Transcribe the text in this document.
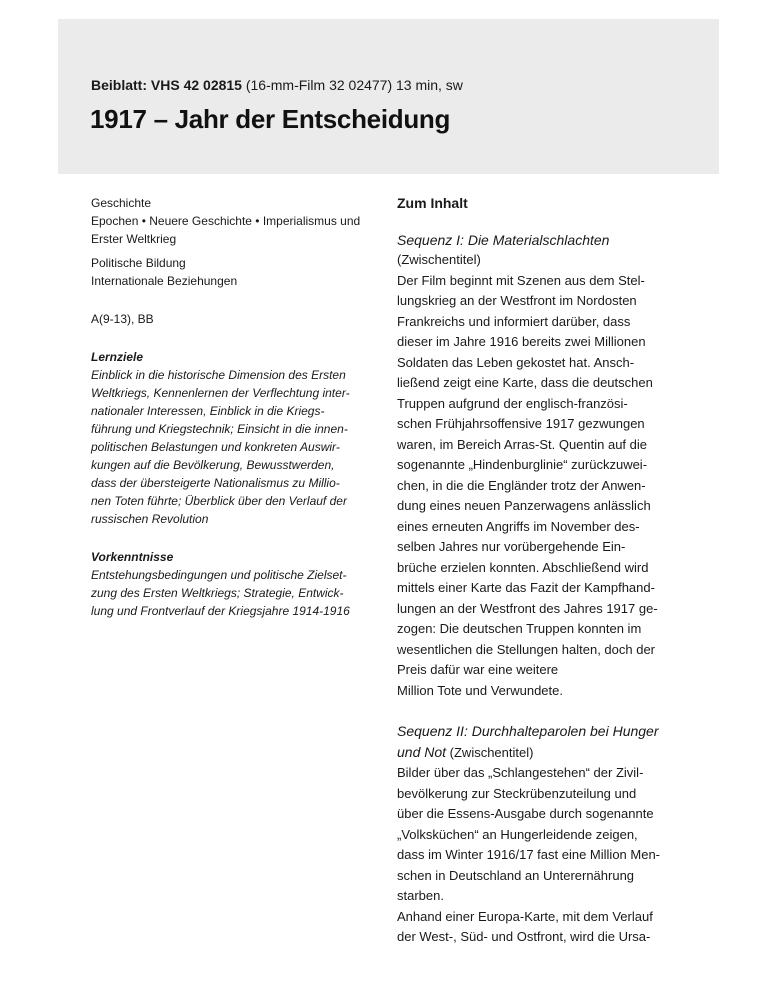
Beiblatt: VHS 42 02815 (16-mm-Film 32 02477) 13 min, sw
1917 – Jahr der Entscheidung
Geschichte
Epochen • Neuere Geschichte • Imperialismus und
Erster Weltkrieg
Politische Bildung
Internationale Beziehungen
A(9-13), BB
Lernziele
Einblick in die historische Dimension des Ersten
Weltkriegs, Kennenlernen der Verflechtung inter-
nationaler Interessen, Einblick in die Kriegs-
führung und Kriegstechnik; Einsicht in die innen-
politischen Belastungen und konkreten Auswir-
kungen auf die Bevölkerung, Bewusstwerden,
dass der übersteigerte Nationalismus zu Millio-
nen Toten führte; Überblick über den Verlauf der
russischen Revolution
Vorkenntnisse
Entstehungsbedingungen und politische Zielset-
zung des Ersten Weltkriegs; Strategie, Entwick-
lung und Frontverlauf der Kriegsjahre 1914-1916
Zum Inhalt
Sequenz I: Die Materialschlachten
(Zwischentitel)
Der Film beginnt mit Szenen aus dem Stel-
lungskrieg an der Westfront im Nordosten
Frankreichs und informiert darüber, dass
dieser im Jahre 1916 bereits zwei Millionen
Soldaten das Leben gekostet hat. Ansch-
ließend zeigt eine Karte, dass die deutschen
Truppen aufgrund der englisch-französi-
schen Frühjahrsoffensive 1917 gezwungen
waren, im Bereich Arras-St. Quentin auf die
sogenannte „Hindenburglinie“ zurückzuwei-
chen, in die die Engländer trotz der Anwen-
dung eines neuen Panzerwagens anlässlich
eines erneuten Angriffs im November des-
selben Jahres nur vorübergehende Ein-
brüche erzielen konnten. Abschließend wird
mittels einer Karte das Fazit der Kampfhand-
lungen an der Westfront des Jahres 1917 ge-
zogen: Die deutschen Truppen konnten im
wesentlichen die Stellungen halten, doch der
Preis dafür war eine weitere
Million Tote und Verwundete.
Sequenz II: Durchhalteparolen bei Hunger
und Not (Zwischentitel)
Bilder über das „Schlangestehen“ der Zivil-
bevölkerung zur Steckrübenzuteilung und
über die Essens-Ausgabe durch sogenannte
„Volksküchen“ an Hungerleidende zeigen,
dass im Winter 1916/17 fast eine Million Men-
schen in Deutschland an Unterernährung
starben.
Anhand einer Europa-Karte, mit dem Verlauf
der West-, Süd- und Ostfront, wird die Ursa-
